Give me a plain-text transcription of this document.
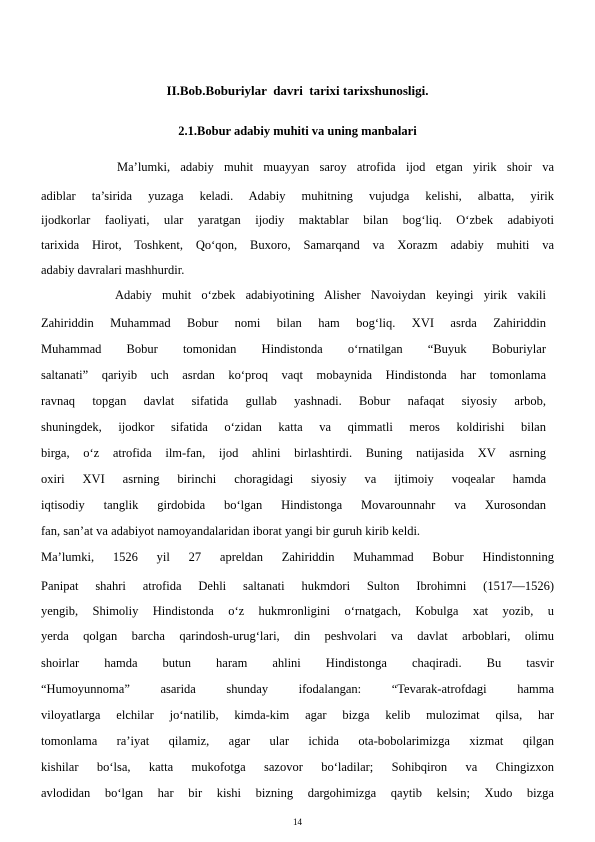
II.Bob.Boburiylar  davri  tarixi tarixshunosligi.
2.1.Bobur adabiy muhiti va uning manbalari
Ma’lumki, adabiy muhit muayyan saroy atrofida ijod etgan yirik shoir va
adiblar ta’sirida yuzaga keladi. Adabiy muhitning vujudga kelishi, albatta, yirik
ijodkorlar faoliyati, ular yaratgan ijodiy maktablar bilan bog‘liq. O‘zbek adabiyoti
tarixida Hirot, Toshkent, Qo‘qon, Buxoro, Samarqand va Xorazm adabiy muhiti va
adabiy davralari mashhurdir.
Adabiy muhit o‘zbek adabiyotining Alisher Navoiydan keyingi yirik vakili
Zahiriddin Muhammad Bobur nomi bilan ham bog‘liq. XVI asrda Zahiriddin
Muhammad Bobur tomonidan Hindistonda o‘rnatilgan “Buyuk Boburiylar
saltanati” qariyib uch asrdan ko‘proq vaqt mobaynida Hindistonda har tomonlama
ravnaq topgan davlat sifatida gullab yashnadi. Bobur nafaqat siyosiy arbob,
shuningdek, ijodkor sifatida o‘zidan katta va qimmatli meros koldirishi bilan
birga, o‘z atrofida ilm-fan, ijod ahlini birlashtirdi. Buning natijasida XV asrning
oxiri XVI asrning birinchi choragidagi siyosiy va ijtimoiy voqealar hamda
iqtisodiy tanglik girdobida bo‘lgan Hindistonga Movarounnahr va Xurosondan
fan, san’at va adabiyot namoyandalaridan iborat yangi bir guruh kirib keldi.
Ma’lumki, 1526 yil 27 apreldan Zahiriddin Muhammad Bobur Hindistonning
Panipat shahri atrofida Dehli saltanati hukmdori Sulton Ibrohimni (1517—1526)
yengib, Shimoliy Hindistonda o‘z hukmronligini o‘rnatgach, Kobulga xat yozib, u
yerda qolgan barcha qarindosh-urug‘lari, din peshvolari va davlat arboblari, olimu
shoirlar hamda butun haram ahlini Hindistonga chaqiradi. Bu tasvir
“Humoyunnoma” asarida shunday ifodalangan: “Tevarak-atrofdagi hamma
viloyatlarga elchilar jo‘natilib, kimda-kim agar bizga kelib mulozimat qilsa, har
tomonlama ra’iyat qilamiz, agar ular ichida ota-bobolarimizga xizmat qilgan
kishilar bo‘lsa, katta mukofotga sazovor bo‘ladilar; Sohibqiron va Chingizxon
avlodidan bo‘lgan har bir kishi bizning dargohimizga qaytib kelsin; Xudo bizga
14
